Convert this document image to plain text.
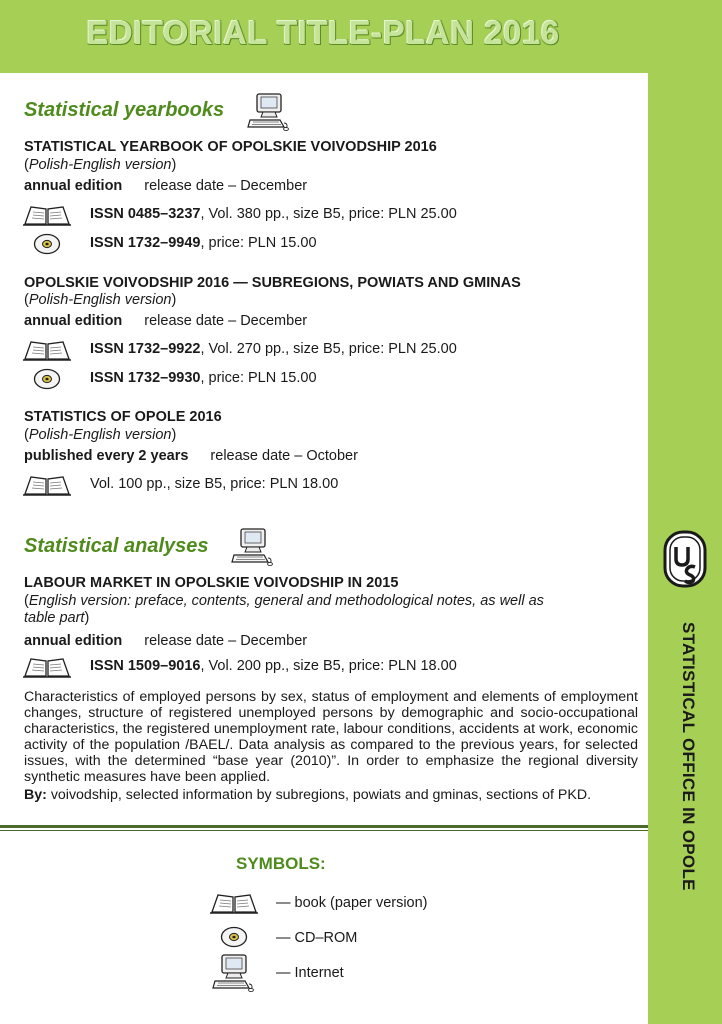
EDITORIAL TITLE-PLAN 2016
STATISTICAL OFFICE IN OPOLE
Statistical yearbooks
STATISTICAL YEARBOOK OF OPOLSKIE VOIVODSHIP 2016
(Polish-English version)
annual edition release date – December
ISSN 0485–3237, Vol. 380 pp., size B5, price: PLN 25.00
ISSN 1732–9949, price: PLN 15.00
OPOLSKIE VOIVODSHIP 2016 — SUBREGIONS, POWIATS AND GMINAS
(Polish-English version)
annual edition release date – December
ISSN 1732–9922, Vol. 270 pp., size B5, price: PLN 25.00
ISSN 1732–9930, price: PLN 15.00
STATISTICS OF OPOLE 2016
(Polish-English version)
published every 2 years release date – October
Vol. 100 pp., size B5, price: PLN 18.00
Statistical analyses
LABOUR MARKET IN OPOLSKIE VOIVODSHIP IN 2015
(English version: preface, contents, general and methodological notes, as well as
table part)
annual edition release date – December
ISSN 1509–9016, Vol. 200 pp., size B5, price: PLN 18.00
Characteristics of employed persons by sex, status of employment and elements of employment changes, structure of registered unemployed persons by demographic and socio-occupational characteristics, the registered unemployment rate, labour conditions, accidents at work, economic activity of the population /BAEL/. Data analysis as compared to the previous years, for selected issues, with the determined “base year (2010)”. In order to emphasize the regional diversity synthetic measures have been applied.
By: voivodship, selected information by subregions, powiats and gminas, sections of PKD.
SYMBOLS:
— book (paper version)
— CD–ROM
— Internet
